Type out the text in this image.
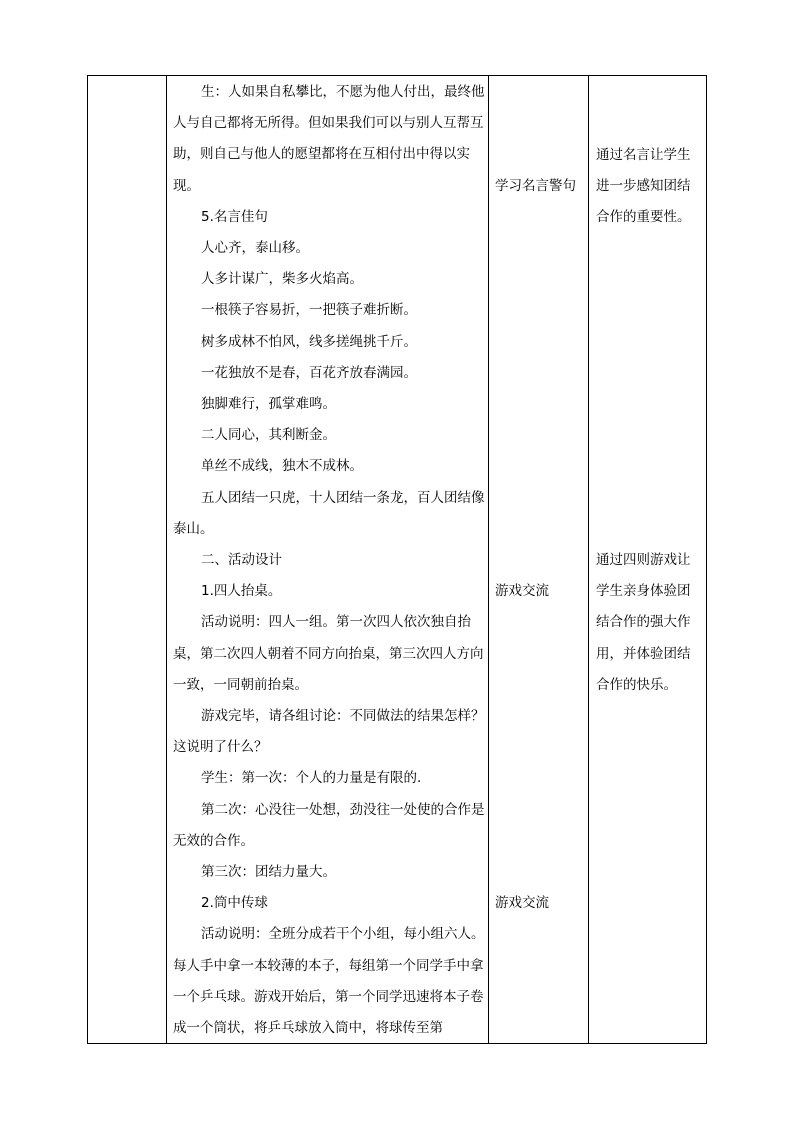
生：人如果自私攀比，不愿为他人付出，最终他人与自己都将无所得。但如果我们可以与别人互帮互助，则自己与他人的愿望都将在互相付出中得以实现。

5.名言佳句

人心齐，泰山移。

人多计谋广，柴多火焰高。

一根筷子容易折，一把筷子难折断。

树多成林不怕风，线多搓绳挑千斤。

一花独放不是春，百花齐放春满园。

独脚难行，孤掌难鸣。

二人同心，其利断金。

单丝不成线，独木不成林。

五人团结一只虎，十人团结一条龙，百人团结像泰山。

二、活动设计

1.四人抬桌。

活动说明：四人一组。第一次四人依次独自抬桌，第二次四人朝着不同方向抬桌，第三次四人方向一致，一同朝前抬桌。

游戏完毕，请各组讨论：不同做法的结果怎样？这说明了什么？

学生：第一次：个人的力量是有限的.

第二次：心没往一处想，劲没往一处使的合作是无效的合作。

第三次：团结力量大。

2.筒中传球

活动说明：全班分成若干个小组，每小组六人。每人手中拿一本较薄的本子，每组第一个同学手中拿一个乒乓球。游戏开始后，第一个同学迅速将本子卷成一个筒状，将乒乓球放入筒中，将球传至第

学习名言警句

游戏交流

游戏交流

通过名言让学生进一步感知团结合作的重要性。

通过四则游戏让学生亲身体验团结合作的强大作用，并体验团结合作的快乐。
